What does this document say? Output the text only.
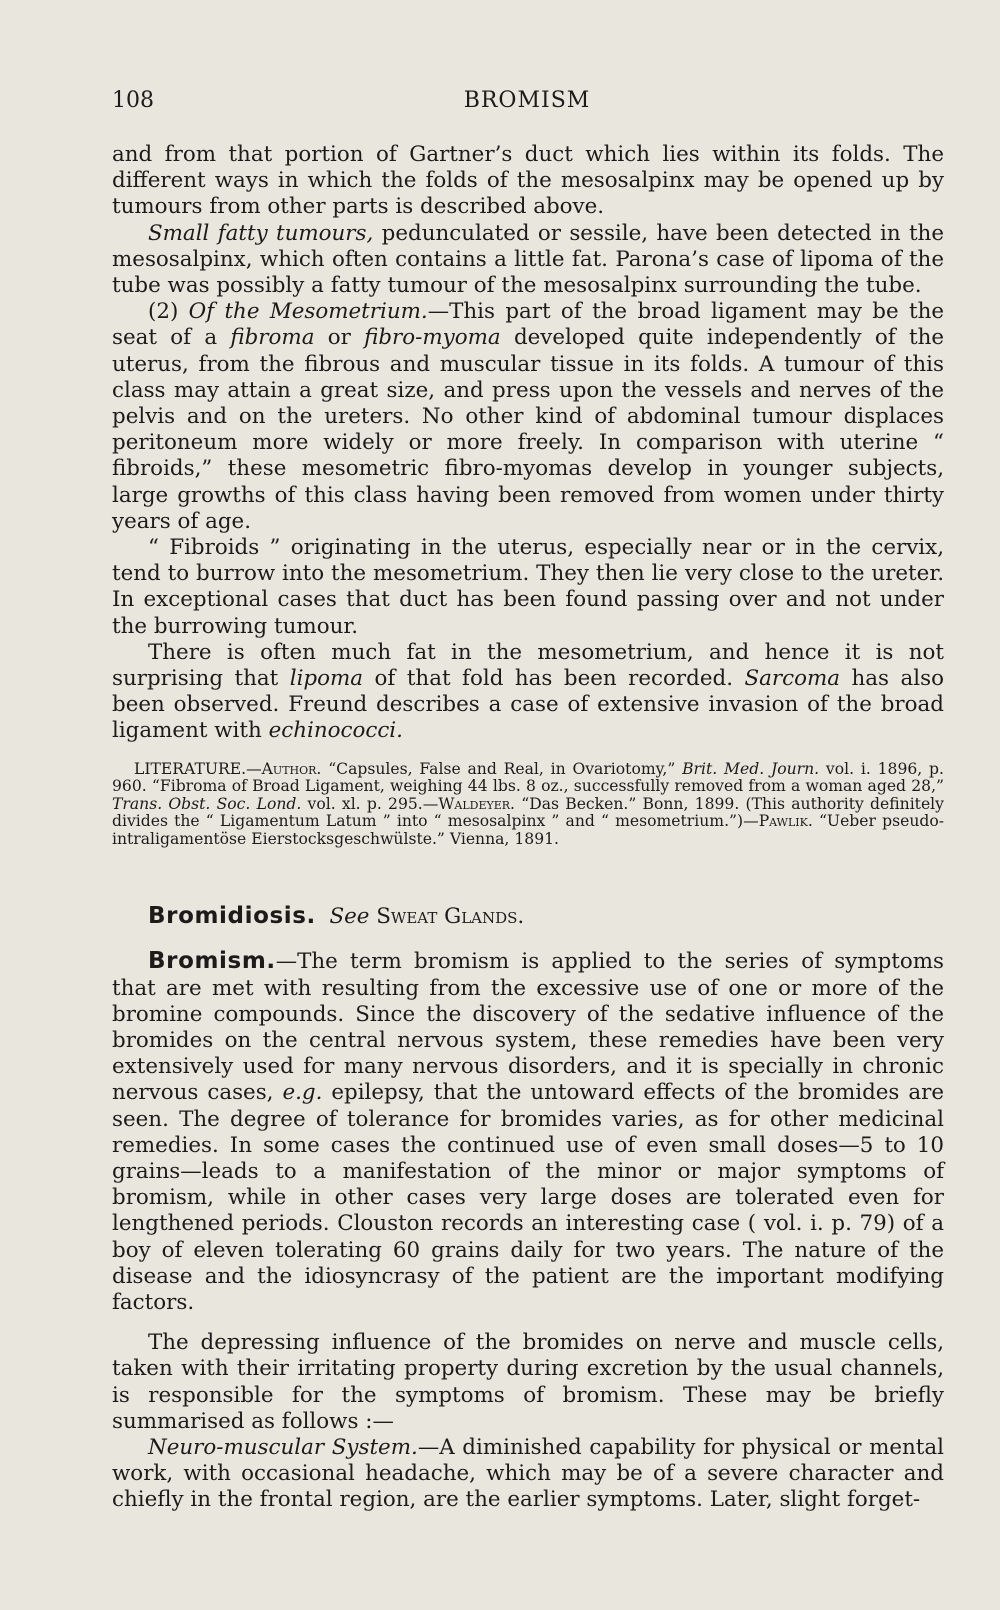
108	BROMISM

and from that portion of Gartner’s duct which lies within its folds. The different ways in which the folds of the mesosalpinx may be opened up by tumours from other parts is described above.

Small fatty tumours, pedunculated or sessile, have been detected in the mesosalpinx, which often contains a little fat. Parona’s case of lipoma of the tube was possibly a fatty tumour of the mesosalpinx surrounding the tube.

(2) Of the Mesometrium.—This part of the broad ligament may be the seat of a fibroma or fibro-myoma developed quite independently of the uterus, from the fibrous and muscular tissue in its folds. A tumour of this class may attain a great size, and press upon the vessels and nerves of the pelvis and on the ureters. No other kind of abdominal tumour displaces peritoneum more widely or more freely. In comparison with uterine “ fibroids,” these mesometric fibro-myomas develop in younger subjects, large growths of this class having been removed from women under thirty years of age.

“ Fibroids ” originating in the uterus, especially near or in the cervix, tend to burrow into the mesometrium. They then lie very close to the ureter. In exceptional cases that duct has been found passing over and not under the burrowing tumour.

There is often much fat in the mesometrium, and hence it is not surprising that lipoma of that fold has been recorded. Sarcoma has also been observed. Freund describes a case of extensive invasion of the broad ligament with echinococci.

LITERATURE.—Author. “Capsules, False and Real, in Ovariotomy,” Brit. Med. Journ. vol. i. 1896, p. 960. “Fibroma of Broad Ligament, weighing 44 lbs. 8 oz., successfully removed from a woman aged 28,” Trans. Obst. Soc. Lond. vol. xl. p. 295.—Waldeyer. “Das Becken.” Bonn, 1899. (This authority definitely divides the “ Ligamentum Latum ” into “ mesosalpinx ” and “ mesometrium.”)—Pawlik. “Ueber pseudo-intraligamentöse Eierstocksgeschwülste.” Vienna, 1891.

Bromidiosis. See Sweat Glands.

Bromism.—The term bromism is applied to the series of symptoms that are met with resulting from the excessive use of one or more of the bromine compounds. Since the discovery of the sedative influence of the bromides on the central nervous system, these remedies have been very extensively used for many nervous disorders, and it is specially in chronic nervous cases, e.g. epilepsy, that the untoward effects of the bromides are seen. The degree of tolerance for bromides varies, as for other medicinal remedies. In some cases the continued use of even small doses—5 to 10 grains—leads to a manifestation of the minor or major symptoms of bromism, while in other cases very large doses are tolerated even for lengthened periods. Clouston records an interesting case ( vol. i. p. 79) of a boy of eleven tolerating 60 grains daily for two years. The nature of the disease and the idiosyncrasy of the patient are the important modifying factors.

The depressing influence of the bromides on nerve and muscle cells, taken with their irritating property during excretion by the usual channels, is responsible for the symptoms of bromism. These may be briefly summarised as follows :—

Neuro-muscular System.—A diminished capability for physical or mental work, with occasional headache, which may be of a severe character and chiefly in the frontal region, are the earlier symptoms. Later, slight forget-
